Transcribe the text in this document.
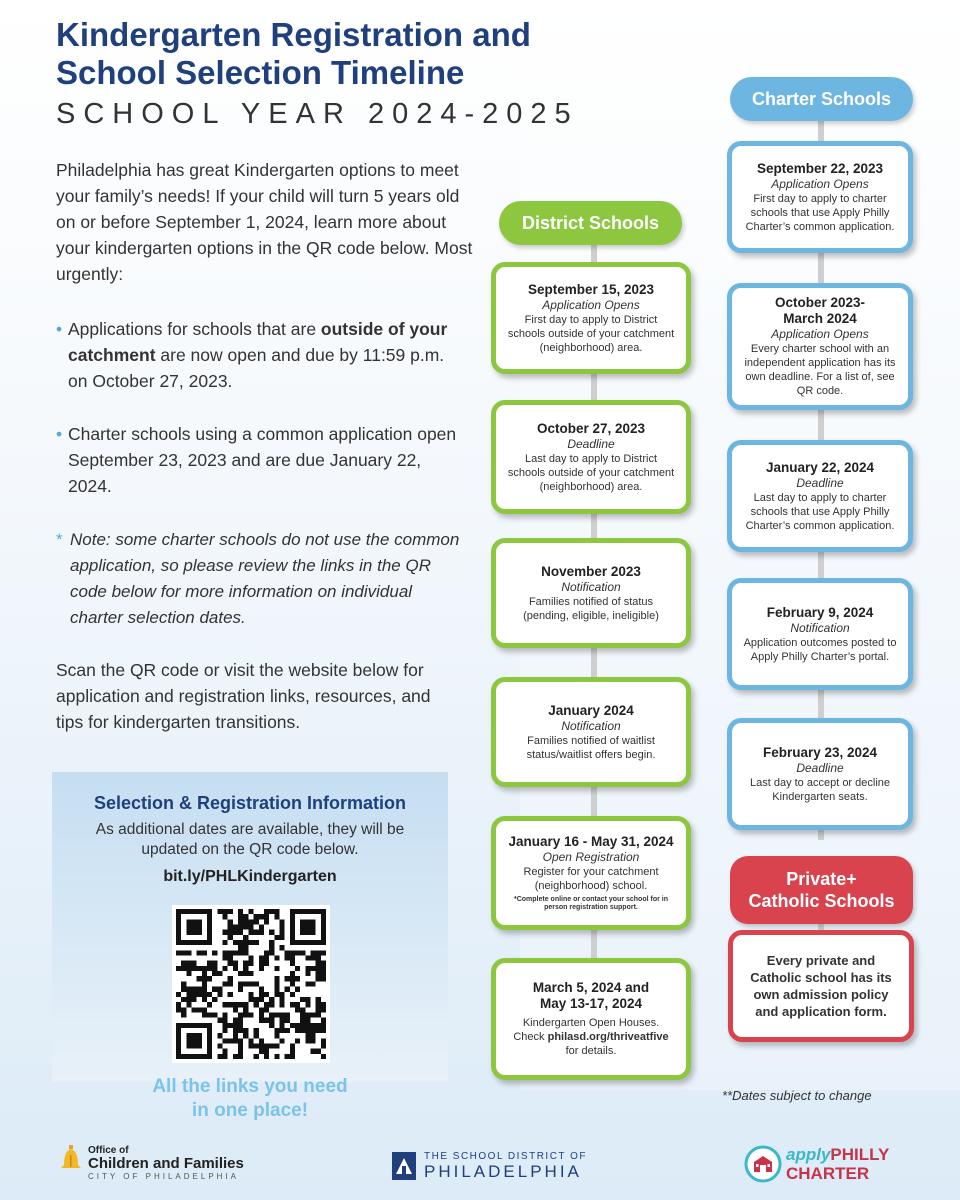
Kindergarten Registration and
School Selection Timeline
SCHOOL YEAR 2024-2025

Philadelphia has great Kindergarten options to meet your family’s needs! If your child will turn 5 years old on or before September 1, 2024, learn more about your kindergarten options in the QR code below. Most urgently:

• Applications for schools that are outside of your catchment are now open and due by 11:59 p.m. on October 27, 2023.
• Charter schools using a common application open September 23, 2023 and are due January 22, 2024.
* Note: some charter schools do not use the common application, so please review the links in the QR code below for more information on individual charter selection dates.

Scan the QR code or visit the website below for application and registration links, resources, and tips for kindergarten transitions.

Selection & Registration Information
As additional dates are available, they will be updated on the QR code below.
bit.ly/PHLKindergarten
All the links you need
in one place!
District Schools
September 15, 2023
Application Opens
First day to apply to District schools outside of your catchment (neighborhood) area.
October 27, 2023
Deadline
Last day to apply to District schools outside of your catchment (neighborhood) area.
November 2023
Notification
Families notified of status (pending, eligible, ineligible)
January 2024
Notification
Families notified of waitlist status/waitlist offers begin.
January 16 - May 31, 2024
Open Registration
Register for your catchment (neighborhood) school.
*Complete online or contact your school for in person registration support.
March 5, 2024 and
May 13-17, 2024
Kindergarten Open Houses.
Check philasd.org/thriveatfive
for details.
Charter Schools
September 22, 2023
Application Opens
First day to apply to charter schools that use Apply Philly Charter’s common application.
October 2023-
March 2024
Application Opens
Every charter school with an independent application has its own deadline. For a list of, see QR code.
January 22, 2024
Deadline
Last day to apply to charter schools that use Apply Philly Charter’s common application.
February 9, 2024
Notification
Application outcomes posted to Apply Philly Charter’s portal.
February 23, 2024
Deadline
Last day to accept or decline Kindergarten seats.
Private+
Catholic Schools
Every private and Catholic school has its own admission policy and application form.
**Dates subject to change
Office of
Children and Families
CITY OF PHILADELPHIA
THE SCHOOL DISTRICT OF
PHILADELPHIA
applyPHILLY
CHARTER
